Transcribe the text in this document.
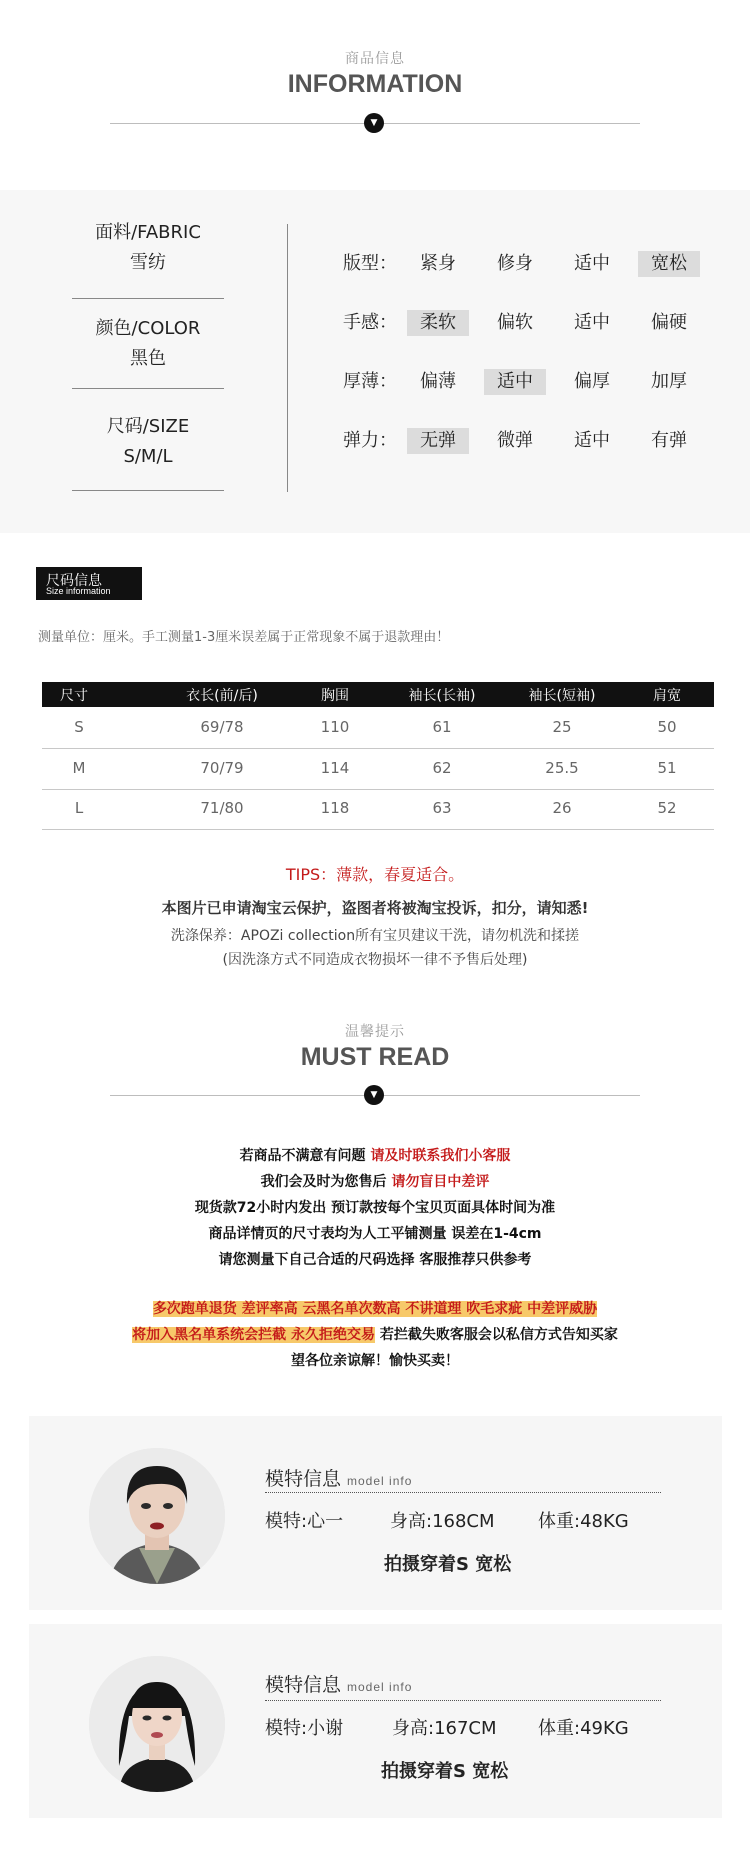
商品信息
INFORMATION
▼
面料/FABRIC
雪纺
颜色/COLOR
黑色
尺码/SIZE
S/M/L
版型：	紧身	修身	适中	宽松
手感：	柔软	偏软	适中	偏硬
厚薄：	偏薄	适中	偏厚	加厚
弹力：	无弹	微弹	适中	有弹
尺码信息
Size information
测量单位：厘米。手工测量1-3厘米误差属于正常现象不属于退款理由！
尺寸	衣长(前/后)	胸围	袖长(长袖)	袖长(短袖)	肩宽
S	69/78	110	61	25	50
M	70/79	114	62	25.5	51
L	71/80	118	63	26	52
TIPS：薄款，春夏适合。
本图片已申请淘宝云保护，盗图者将被淘宝投诉，扣分，请知悉!
洗涤保养：APOZi collection所有宝贝建议干洗，请勿机洗和揉搓
(因洗涤方式不同造成衣物损坏一律不予售后处理)
温馨提示
MUST READ
▼
若商品不满意有问题 请及时联系我们小客服
我们会及时为您售后 请勿盲目中差评
现货款72小时内发出 预订款按每个宝贝页面具体时间为准
商品详情页的尺寸表均为人工平铺测量 误差在1-4cm
请您测量下自己合适的尺码选择 客服推荐只供参考
多次跑单退货 差评率高 云黑名单次数高 不讲道理 吹毛求疵 中差评威胁
将加入黑名单系统会拦截 永久拒绝交易 若拦截失败客服会以私信方式告知买家
望各位亲谅解！愉快买卖！
模特信息 model info
模特:心一	身高:168CM 体重:48KG
拍摄穿着S 宽松
模特信息 model info
模特:小谢	身高:167CM 体重:49KG
拍摄穿着S 宽松
